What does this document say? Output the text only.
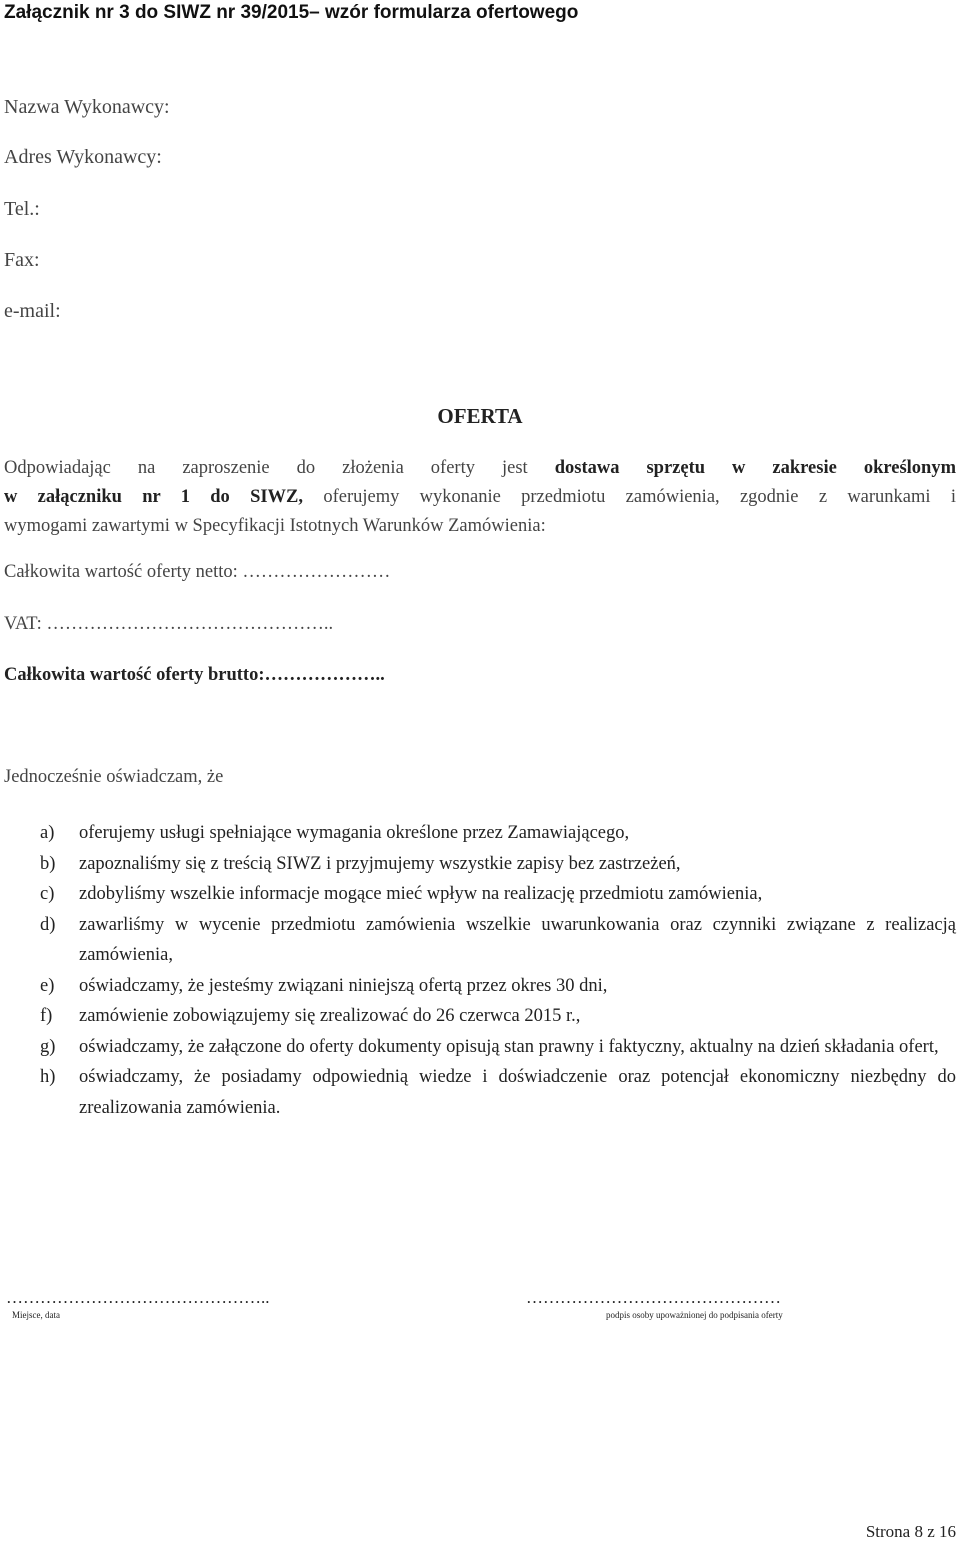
Załącznik nr 3 do SIWZ nr 39/2015– wzór formularza ofertowego
Nazwa Wykonawcy:
Adres Wykonawcy:
Tel.:
Fax:
e-mail:
OFERTA
Odpowiadając na zaproszenie do złożenia oferty jest dostawa sprzętu w zakresie określonym
w załączniku nr 1 do SIWZ, oferujemy wykonanie przedmiotu zamówienia, zgodnie z warunkami i
wymogami zawartymi w Specyfikacji Istotnych Warunków Zamówienia:
Całkowita wartość oferty netto: ……………………
VAT: ………………………………………..
Całkowita wartość oferty brutto:………………..
Jednocześnie oświadczam, że
a) oferujemy usługi spełniające wymagania określone przez Zamawiającego,
b) zapoznaliśmy się z treścią SIWZ i przyjmujemy wszystkie zapisy bez zastrzeżeń,
c) zdobyliśmy wszelkie informacje mogące mieć wpływ na realizację przedmiotu zamówienia,
d) zawarliśmy w wycenie przedmiotu zamówienia wszelkie uwarunkowania oraz czynniki związane z realizacją zamówienia,
e) oświadczamy, że jesteśmy związani niniejszą ofertą przez okres 30 dni,
f) zamówienie zobowiązujemy się zrealizować do 26 czerwca 2015 r.,
g) oświadczamy, że załączone do oferty dokumenty opisują stan prawny i faktyczny, aktualny na dzień składania ofert,
h) oświadczamy, że posiadamy odpowiednią wiedze i doświadczenie oraz potencjał ekonomiczny niezbędny do zrealizowania zamówienia.
………………………………………..
Miejsce, data
………………………………………
podpis osoby upoważnionej do podpisania oferty
Strona 8 z 16
